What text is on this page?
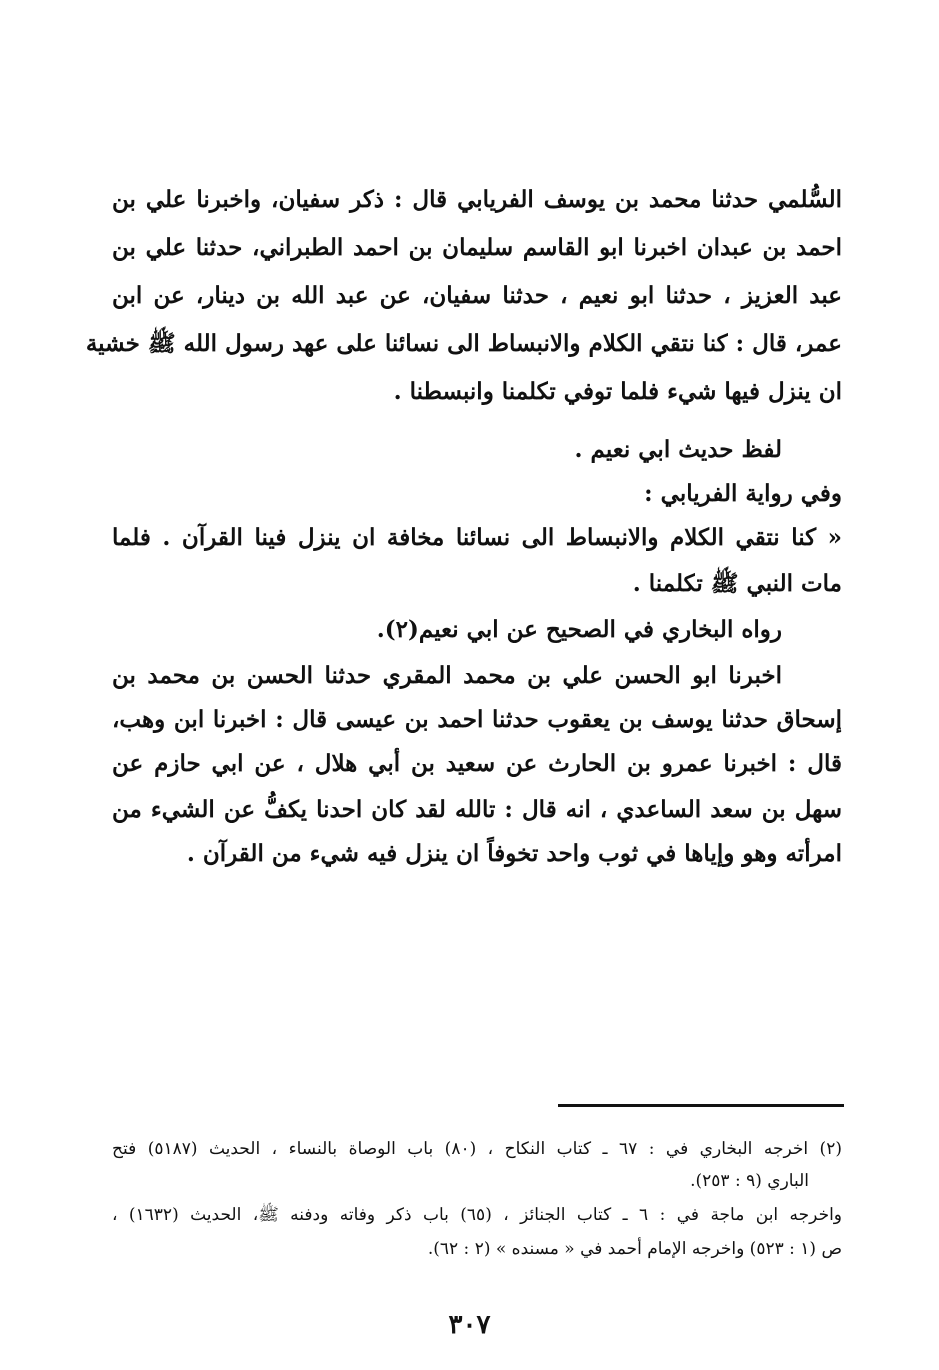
السُّلمي حدثنا محمد بن يوسف الفريابي قال : ذكر سفيان، واخبرنا علي بن
احمد بن عبدان اخبرنا ابو القاسم سليمان بن احمد الطبراني، حدثنا علي بن
عبد العزيز ، حدثنا ابو نعيم ، حدثنا سفيان، عن عبد الله بن دينار، عن ابن
عمر، قال : كنا نتقي الكلام والانبساط الى نسائنا على عهد رسول الله ﷺ خشية
ان ينزل فيها شيء فلما توفي تكلمنا وانبسطنا .
لفظ حديث ابي نعيم .
وفي رواية الفريابي :
« كنا نتقي الكلام والانبساط الى نسائنا مخافة ان ينزل فينا القرآن . فلما
مات النبي ﷺ تكلمنا .
رواه البخاري في الصحيح عن ابي نعيم(٢).
اخبرنا ابو الحسن علي بن محمد المقري حدثنا الحسن بن محمد بن
إسحاق حدثنا يوسف بن يعقوب حدثنا احمد بن عيسى قال : اخبرنا ابن وهب،
قال : اخبرنا عمرو بن الحارث عن سعيد بن أبي هلال ، عن ابي حازم عن
سهل بن سعد الساعدي ، انه قال : تالله لقد كان احدنا يكفُّ عن الشيء من
امرأته وهو وإياها في ثوب واحد تخوفاً ان ينزل فيه شيء من القرآن .
(٢) اخرجه البخاري في : ٦٧ ـ كتاب النكاح ، (٨٠) باب الوصاة بالنساء ، الحديث (٥١٨٧) فتح
الباري (٩ : ٢٥٣).
واخرجه ابن ماجة في : ٦ ـ كتاب الجنائز ، (٦٥) باب ذكر وفاته ودفنه ﷺ، الحديث (١٦٣٢) ،
ص (١ : ٥٢٣) واخرجه الإمام أحمد في « مسنده » (٢ : ٦٢).
٣٠٧
